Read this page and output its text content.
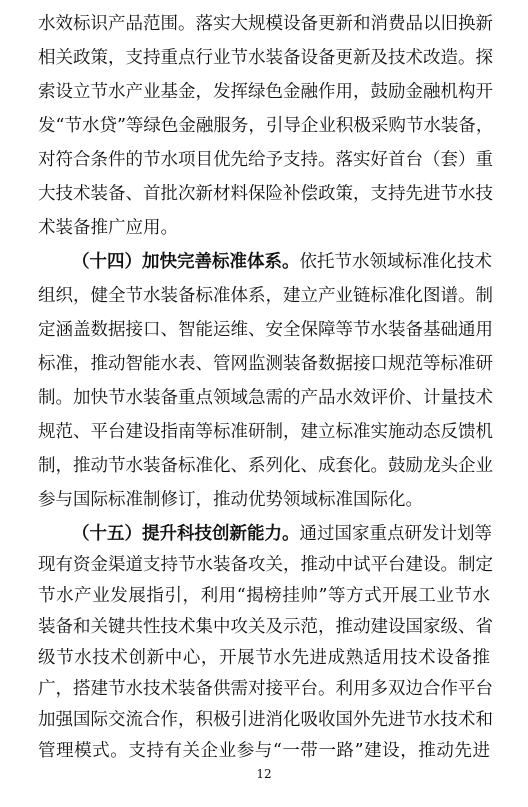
水效标识产品范围。落实大规模设备更新和消费品以旧换新
相关政策，支持重点行业节水装备设备更新及技术改造。探
索设立节水产业基金，发挥绿色金融作用，鼓励金融机构开
发“节水贷”等绿色金融服务，引导企业积极采购节水装备，
对符合条件的节水项目优先给予支持。落实好首台（套）重
大技术装备、首批次新材料保险补偿政策，支持先进节水技
术装备推广应用。
（十四）加快完善标准体系。依托节水领域标准化技术
组织，健全节水装备标准体系，建立产业链标准化图谱。制
定涵盖数据接口、智能运维、安全保障等节水装备基础通用
标准，推动智能水表、管网监测装备数据接口规范等标准研
制。加快节水装备重点领域急需的产品水效评价、计量技术
规范、平台建设指南等标准研制，建立标准实施动态反馈机
制，推动节水装备标准化、系列化、成套化。鼓励龙头企业
参与国际标准制修订，推动优势领域标准国际化。
（十五）提升科技创新能力。通过国家重点研发计划等
现有资金渠道支持节水装备攻关，推动中试平台建设。制定
节水产业发展指引，利用“揭榜挂帅”等方式开展工业节水
装备和关键共性技术集中攻关及示范，推动建设国家级、省
级节水技术创新中心，开展节水先进成熟适用技术设备推
广，搭建节水技术装备供需对接平台。利用多双边合作平台
加强国际交流合作，积极引进消化吸收国外先进节水技术和
管理模式。支持有关企业参与“一带一路”建设，推动先进
12
